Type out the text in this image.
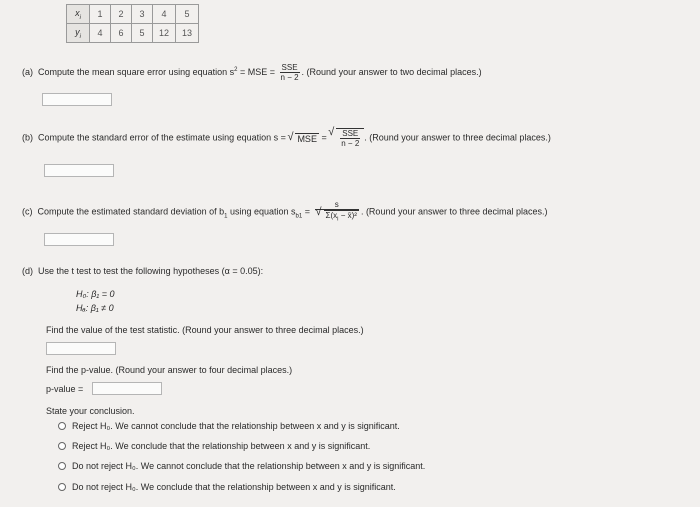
$x_i$	1	2	3	4	5
$y_i$	4	6	5	12	13
(a) Compute the mean square error using equation $s^2$ = MSE = $\frac{\text{SSE}}{n - 2}$ . (Round your answer to two decimal places.)
(b) Compute the standard error of the estimate using equation s = √ MSE = √ $\frac{\text{SSE}}{n - 2}$ . (Round your answer to three decimal places.)
(c) Compute the estimated standard deviation of $b_1$ using equation $s_{b1} = s$
√ $\Sigma(x_i$ − x̄)² . (Round your answer to three decimal places.)
(d) Use the t test to test the following hypotheses (α = 0.05):
H₀: β₁ = 0
Hₐ: β₁ ≠ 0
Find the value of the test statistic. (Round your answer to three decimal places.)
Find the p-value. (Round your answer to four decimal places.)
p-value =
State your conclusion.
Reject H₀. We cannot conclude that the relationship between x and y is significant.
Reject H₀. We conclude that the relationship between x and y is significant.
Do not reject H₀. We cannot conclude that the relationship between x and y is significant.
Do not reject H₀. We conclude that the relationship between x and y is significant.
